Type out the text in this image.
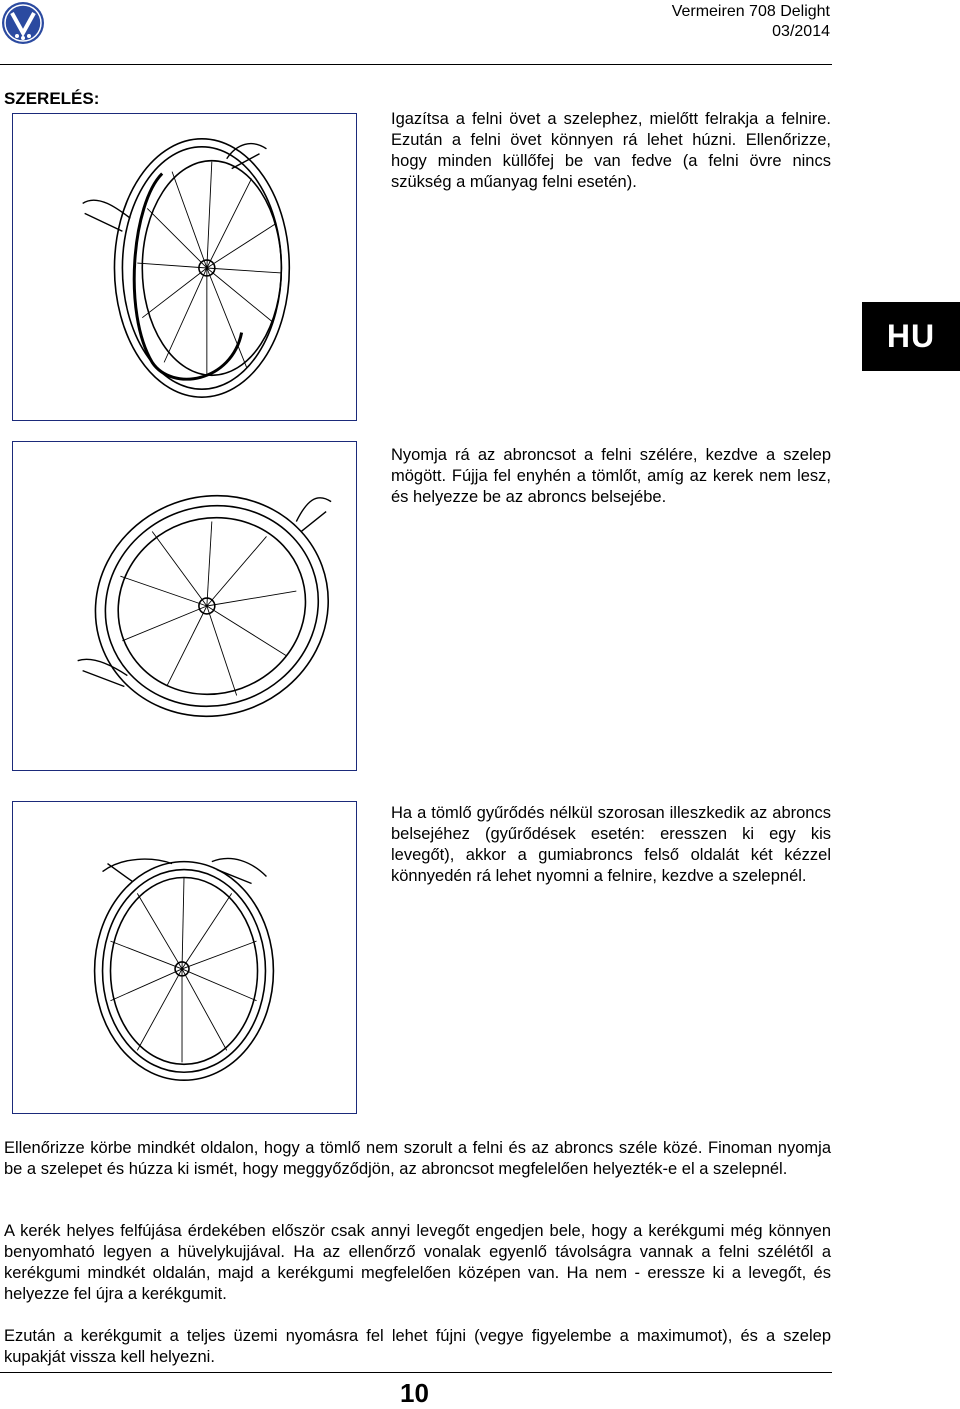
Vermeiren 708 Delight
03/2014
SZERELÉS:
HU
Igazítsa a felni övet a szelephez, mielőtt felrakja a felnire. Ezután a felni övet könnyen rá lehet húzni. Ellenőrizze, hogy minden küllőfej be van fedve (a felni övre nincs szükség a műanyag felni esetén).
Nyomja rá az abroncsot a felni szélére, kezdve a szelep mögött. Fújja fel enyhén a tömlőt, amíg az kerek nem lesz, és helyezze be az abroncs belsejébe.
Ha a tömlő gyűrődés nélkül szorosan illeszkedik az abroncs belsejéhez (gyűrődések esetén: eresszen ki egy kis levegőt), akkor a gumiabroncs felső oldalát két kézzel könnyedén rá lehet nyomni a felnire, kezdve a szelepnél.
Ellenőrizze körbe mindkét oldalon, hogy a tömlő nem szorult a felni és az abroncs széle közé. Finoman nyomja be a szelepet és húzza ki ismét, hogy meggyőződjön, az abroncsot megfelelően helyezték-e el a szelepnél.
A kerék helyes felfújása érdekében először csak annyi levegőt engedjen bele, hogy a kerékgumi még könnyen benyomható legyen a hüvelykujjával. Ha az ellenőrző vonalak egyenlő távolságra vannak a felni szélétől a kerékgumi mindkét oldalán, majd a kerékgumi megfelelően középen van. Ha nem - eressze ki a levegőt, és helyezze fel újra a kerékgumit.
Ezután a kerékgumit a teljes üzemi nyomásra fel lehet fújni (vegye figyelembe a maximumot), és a szelep kupakját vissza kell helyezni.
10
